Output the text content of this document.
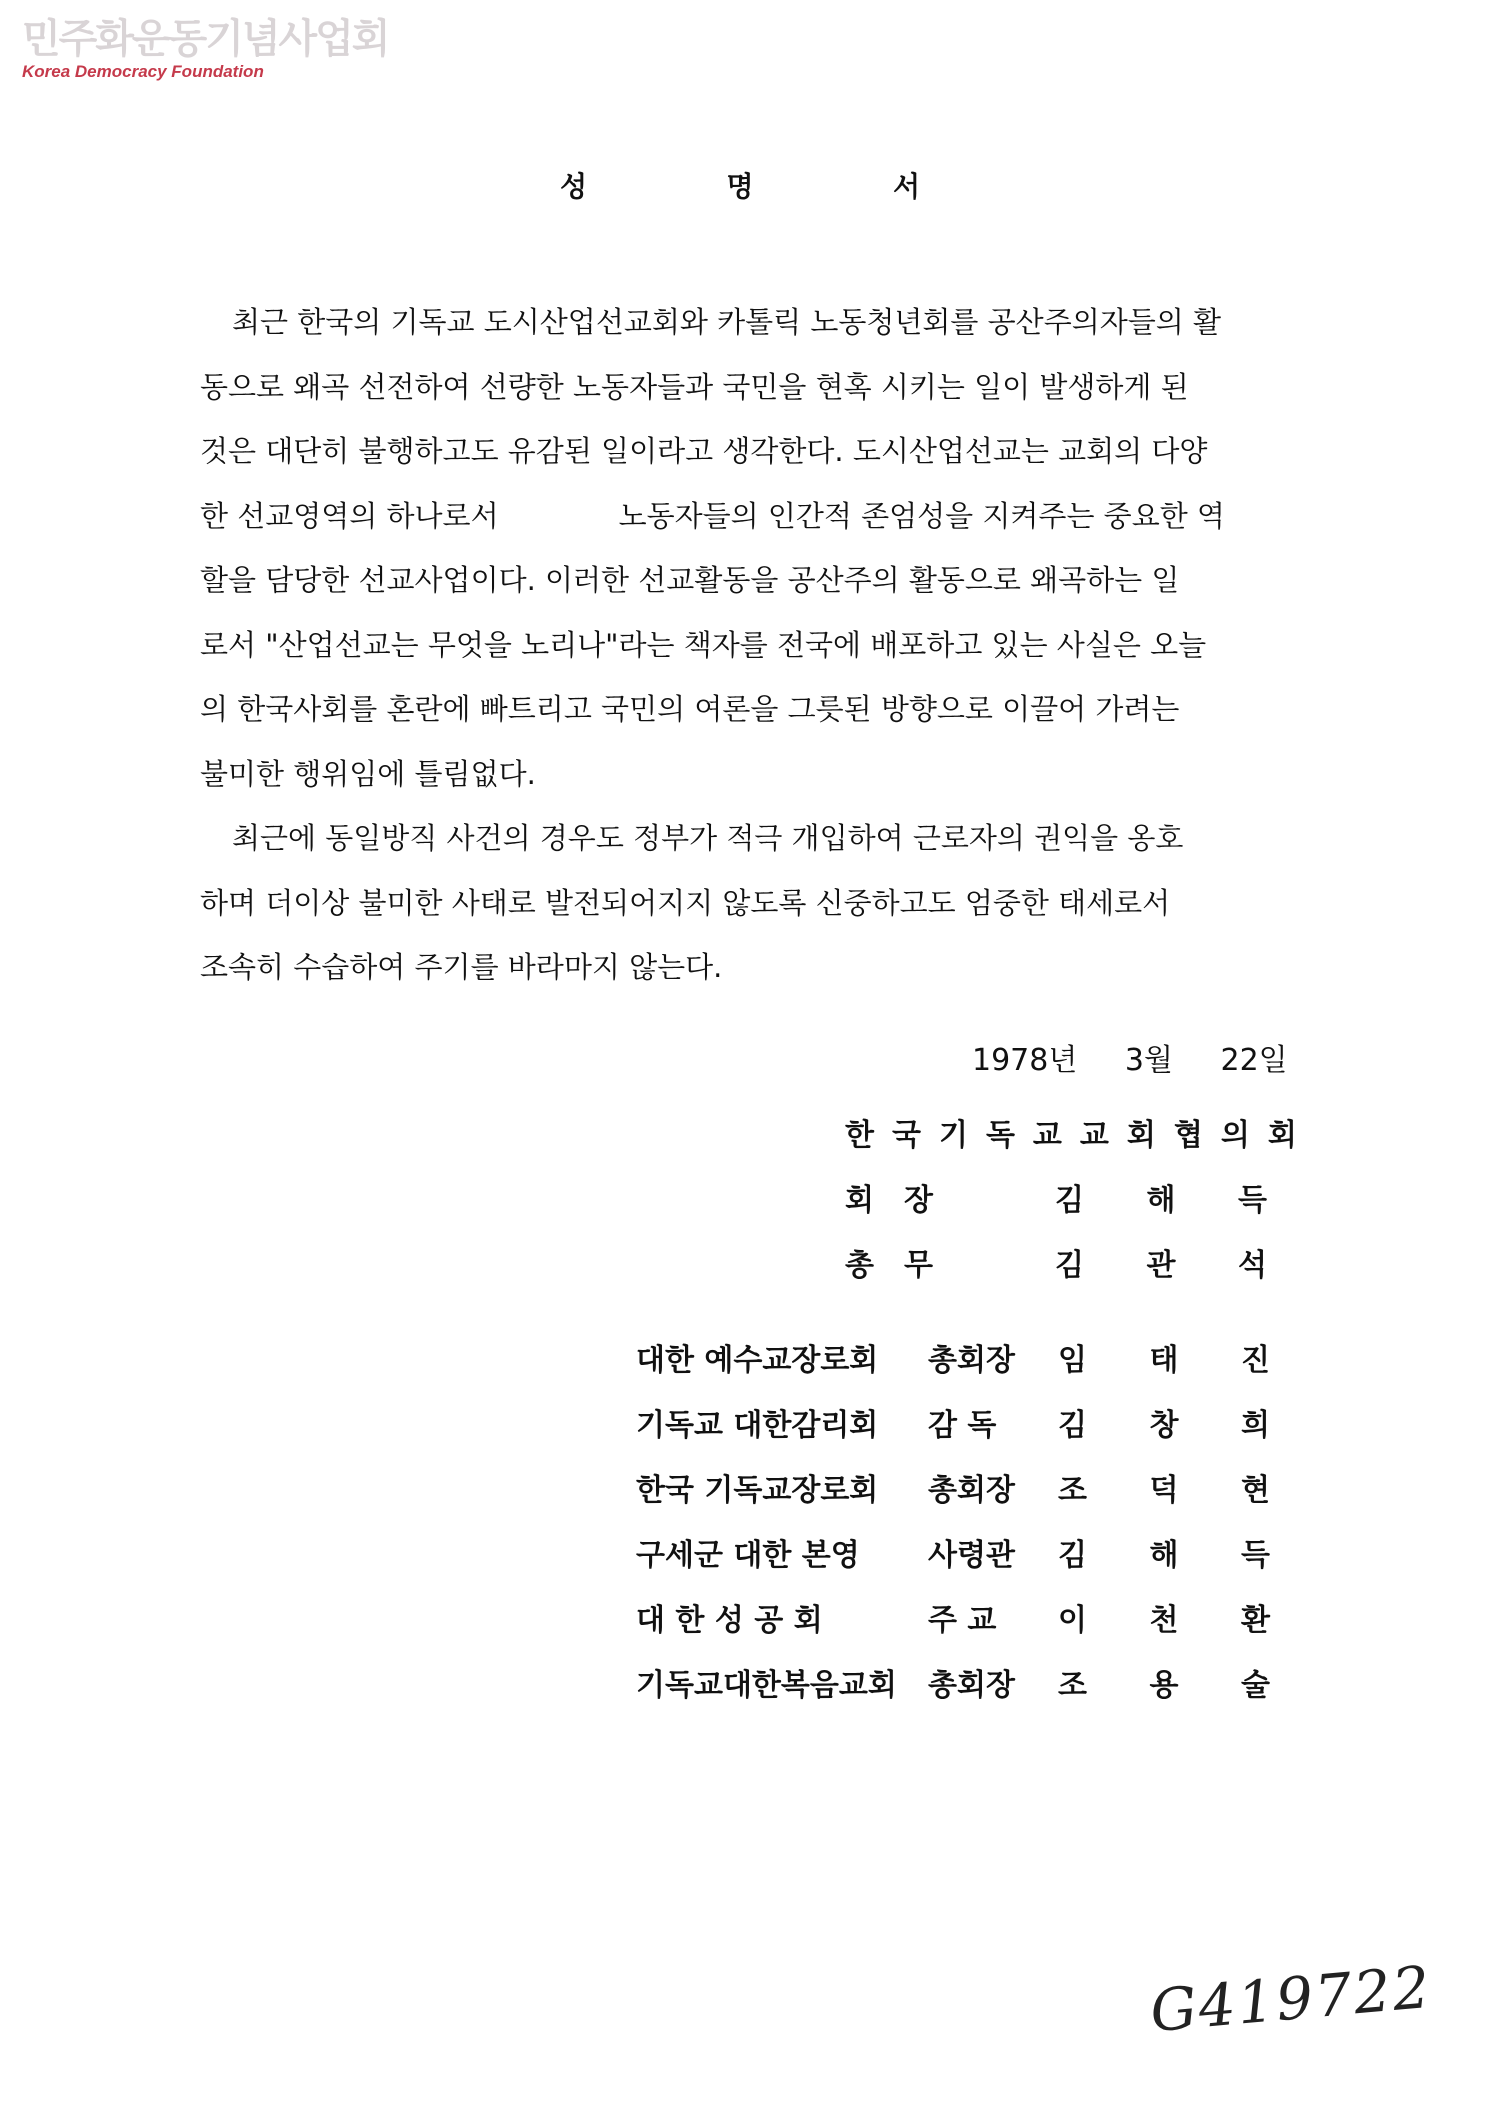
민주화운동기념사업회
Korea Democracy Foundation
성	명	서
최근 한국의 기독교 도시산업선교회와 카톨릭 노동청년회를 공산주의자들의 활
동으로 왜곡 선전하여 선량한 노동자들과 국민을 현혹 시키는 일이 발생하게 된
것은 대단히 불행하고도 유감된 일이라고 생각한다. 도시산업선교는 교회의 다양
한 선교영역의 하나로서	노동자들의 인간적 존엄성을 지켜주는 중요한 역
할을 담당한 선교사업이다. 이러한 선교활동을 공산주의 활동으로 왜곡하는 일
로서 "산업선교는 무엇을 노리나"라는 책자를 전국에 배포하고 있는 사실은 오늘
의 한국사회를 혼란에 빠트리고 국민의 여론을 그릇된 방향으로 이끌어 가려는
불미한 행위임에 틀림없다.
최근에 동일방직 사건의 경우도 정부가 적극 개입하여 근로자의 권익을 옹호
하며 더이상 불미한 사태로 발전되어지지 않도록 신중하고도 엄중한 태세로서
조속히 수습하여 주기를 바라마지 않는다.
1978년 3월 22일
한국기독교교회협의회
회장	김 해 득
총무	김 관 석
대한 예수교장로회	총회장	임 태 진
기독교 대한감리회	감 독	김 창 희
한국 기독교장로회	총회장	조 덕 현
구세군 대한 본영	사령관	김 해 득
대 한 성 공 회	주 교	이 천 환
기독교대한복음교회	총회장	조 용 술
G419722
